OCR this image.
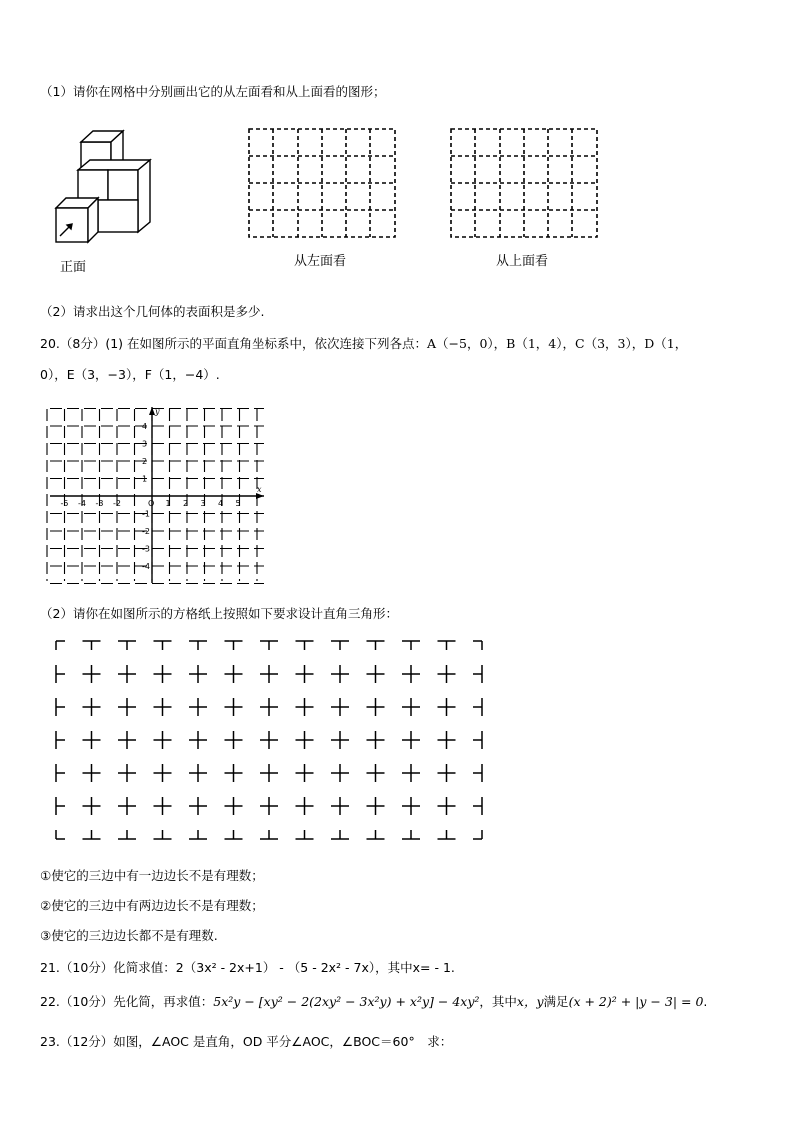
（1）请你在网格中分别画出它的从左面看和从上面看的图形；
正面	从左面看	从上面看
（2）请求出这个几何体的表面积是多少.
20.（8分）(1) 在如图所示的平面直角坐标系中，依次连接下列各点：A（−5，0），B（1，4），C（3，3），D（1，
0），E（3，−3），F（1，−4）.
-5 -4 -3 -2	O 1 2 3 4 5
4
3
2
1
-1
-2
-3
-4
y
x
（2）请你在如图所示的方格纸上按照如下要求设计直角三角形：
①使它的三边中有一边边长不是有理数；
②使它的三边中有两边边长不是有理数；
③使它的三边边长都不是有理数.
21.（10分）化简求值：2（3x² - 2x+1） - （5 - 2x² - 7x），其中x= - 1.
22.（10分）先化简，再求值：5x²y − [xy² − 2(2xy² − 3x²y) + x²y] − 4xy²，其中x，y满足(x + 2)² + |y − 3| = 0.
23.（12分）如图，∠AOC 是直角，OD 平分∠AOC，∠BOC＝60°　求：
